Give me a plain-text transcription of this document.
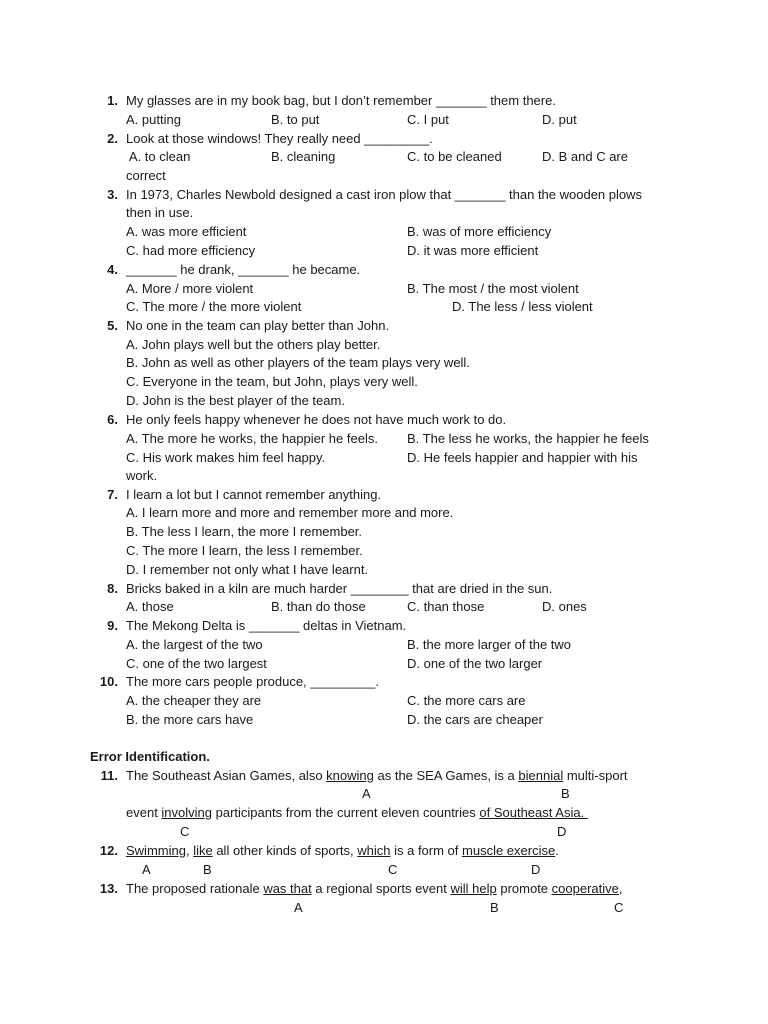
1. My glasses are in my book bag, but I don’t remember _______ them there.
A. putting	B. to put	C. I put	D. put
2. Look at those windows! They really need _________.
A. to clean	B. cleaning	C. to be cleaned	D. B and C are
correct
3. In 1973, Charles Newbold designed a cast iron plow that _______ than the wooden plows
then in use.
A. was more efficient	B. was of more efficiency
C. had more efficiency	D. it was more efficient
4. _______ he drank, _______ he became.
A. More / more violent	B. The most / the most violent
C. The more / the more violent	D. The less / less violent
5. No one in the team can play better than John.
A. John plays well but the others play better.
B. John as well as other players of the team plays very well.
C. Everyone in the team, but John, plays very well.
D. John is the best player of the team.
6. He only feels happy whenever he does not have much work to do.
A. The more he works, the happier he feels. B. The less he works, the happier he feels
C. His work makes him feel happy.	D. He feels happier and happier with his
work.
7. I learn a lot but I cannot remember anything.
A. I learn more and more and remember more and more.
B. The less I learn, the more I remember.
C. The more I learn, the less I remember.
D. I remember not only what I have learnt.
8. Bricks baked in a kiln are much harder ________ that are dried in the sun.
A. those	B. than do those	C. than those	D. ones
9. The Mekong Delta is _______ deltas in Vietnam.
A. the largest of the two	B. the more larger of the two
C. one of the two largest	D. one of the two larger
10. The more cars people produce, _________.
A. the cheaper they are	C. the more cars are
B. the more cars have	D. the cars are cheaper
Error Identification.
11. The Southeast Asian Games, also knowing as the SEA Games, is a biennial multi-sport
A	B
event involving participants from the current eleven countries of Southeast Asia.
C	D
12. Swimming, like all other kinds of sports, which is a form of muscle exercise.
A	B	C	D
13. The proposed rationale was that a regional sports event will help promote cooperative,
A	B	C
